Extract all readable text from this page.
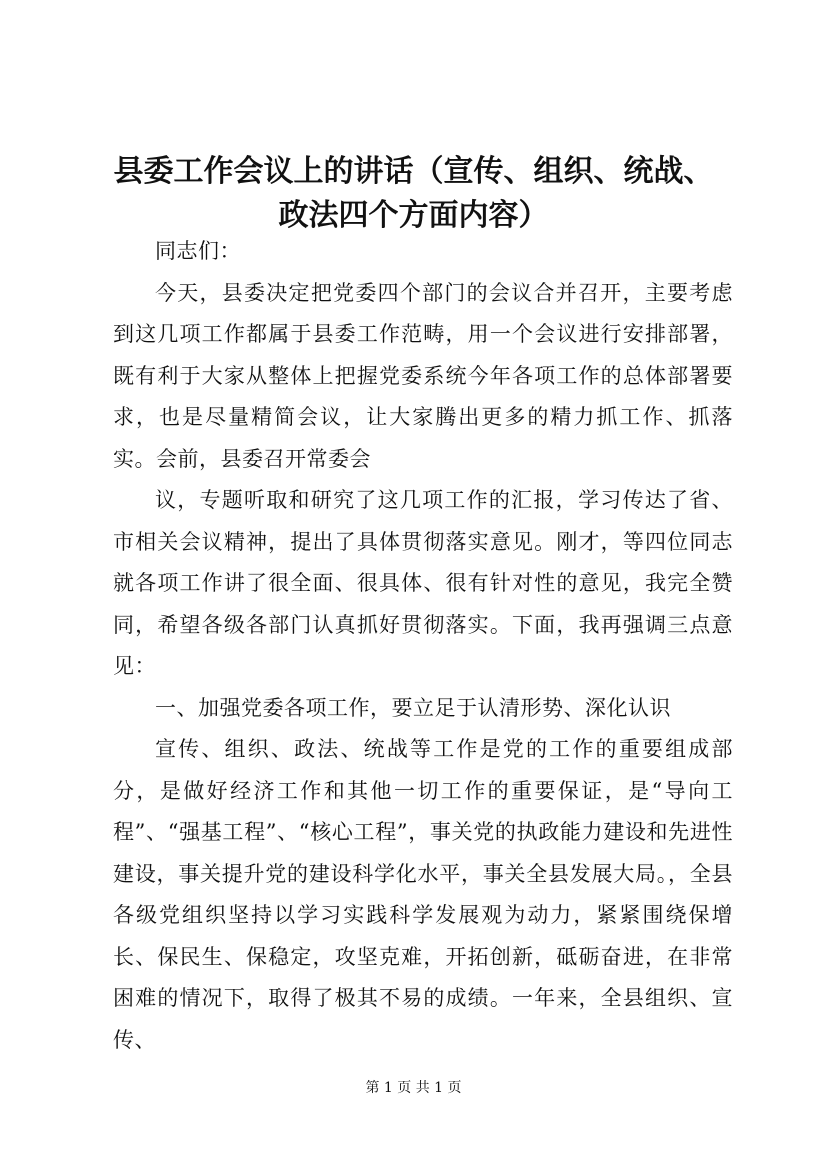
县委工作会议上的讲话（宣传、组织、统战、
政法四个方面内容）

同志们：

今天，县委决定把党委四个部门的会议合并召开，主要考虑到这几项工作都属于县委工作范畴，用一个会议进行安排部署，既有利于大家从整体上把握党委系统今年各项工作的总体部署要求，也是尽量精简会议，让大家腾出更多的精力抓工作、抓落实。会前，县委召开常委会

议，专题听取和研究了这几项工作的汇报，学习传达了省、市相关会议精神，提出了具体贯彻落实意见。刚才，等四位同志就各项工作讲了很全面、很具体、很有针对性的意见，我完全赞同，希望各级各部门认真抓好贯彻落实。下面，我再强调三点意见：

一、加强党委各项工作，要立足于认清形势、深化认识

宣传、组织、政法、统战等工作是党的工作的重要组成部分，是做好经济工作和其他一切工作的重要保证，是“导向工程”、“强基工程”、“核心工程”，事关党的执政能力建设和先进性建设，事关提升党的建设科学化水平，事关全县发展大局。，全县各级党组织坚持以学习实践科学发展观为动力，紧紧围绕保增长、保民生、保稳定，攻坚克难，开拓创新，砥砺奋进，在非常困难的情况下，取得了极其不易的成绩。一年来，全县组织、宣传、

第 1 页 共 1 页
